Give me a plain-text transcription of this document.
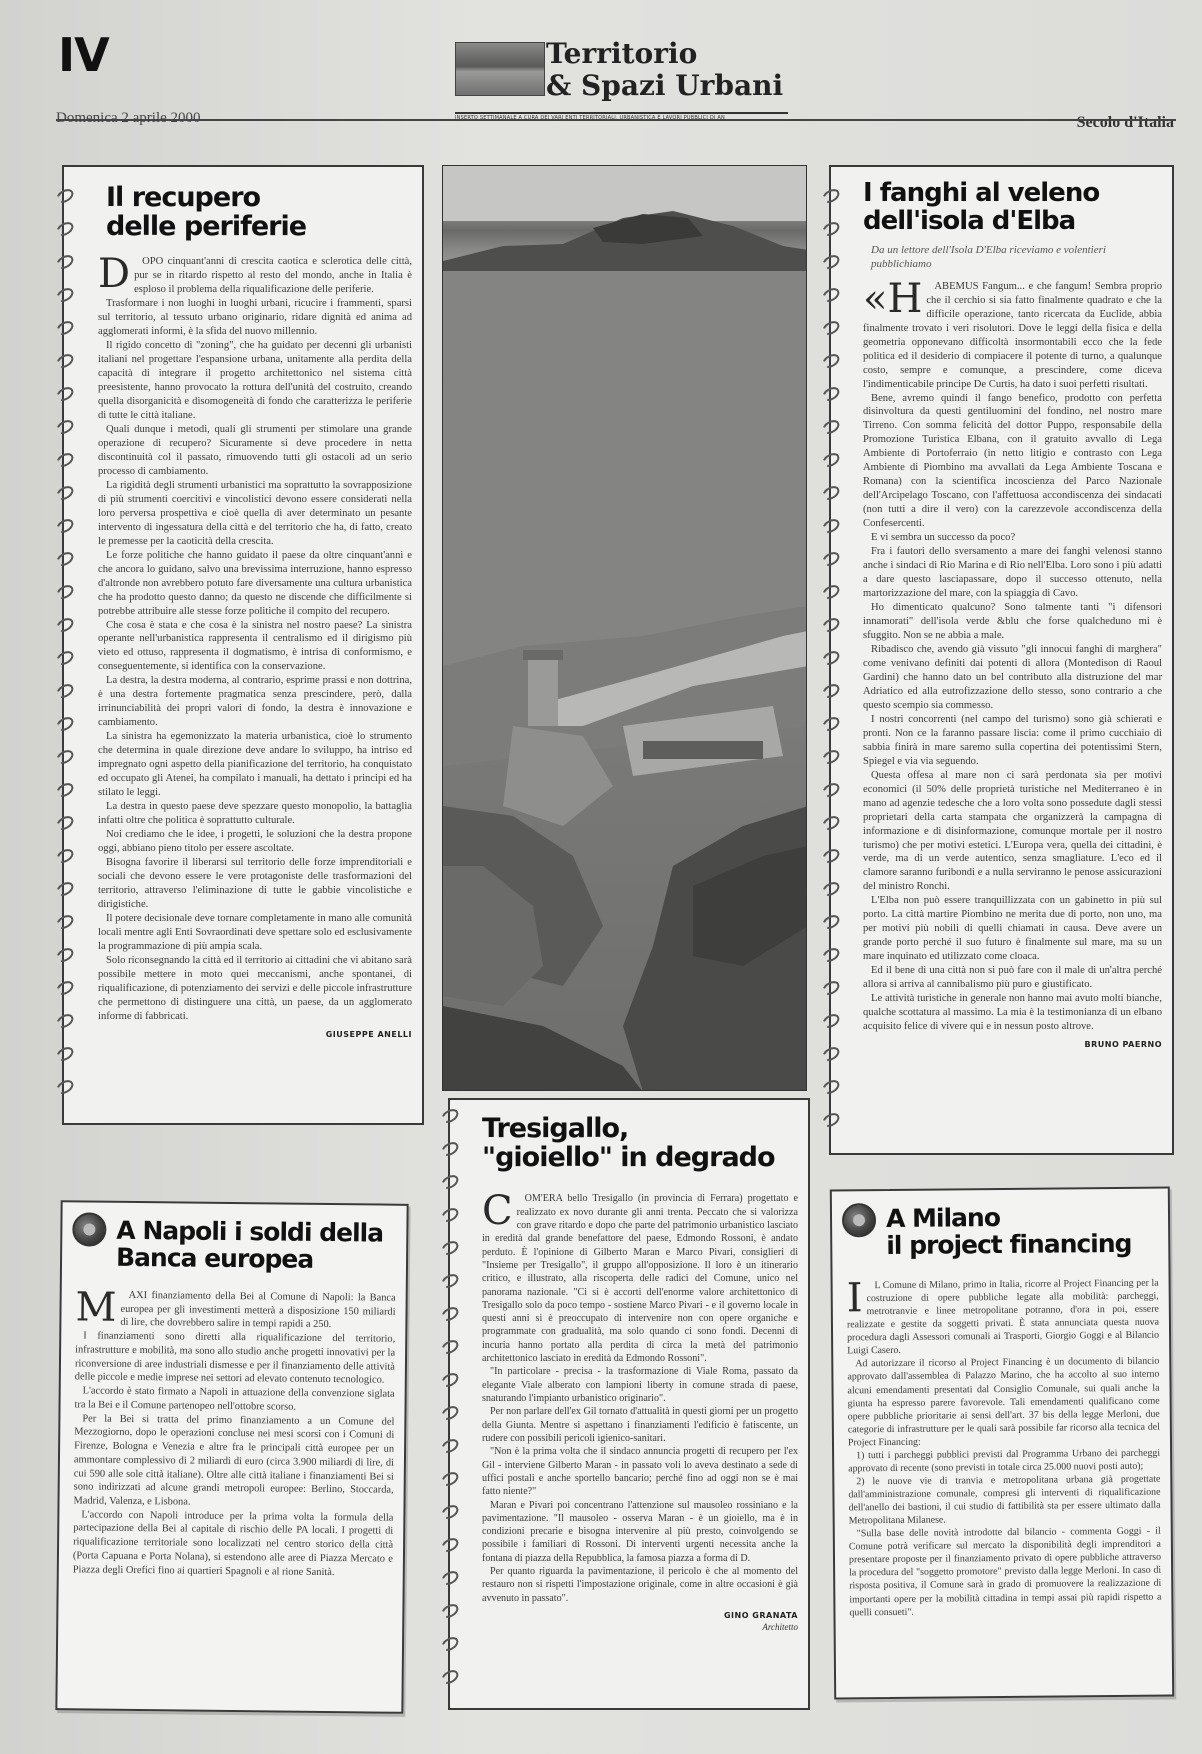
IV	Territorio
& Spazi Urbani
INSERTO SETTIMANALE A CURA DEI VARI ENTI TERRITORIALI. URBANISTICA E LAVORI PUBBLICI DI AN
Domenica 2 aprile 2000	Secolo d'Italia
Il recupero delle periferie
D	OPO cinquant'anni di crescita caotica e sclerotica delle città, pur se in ritardo rispetto al resto del mondo, anche in Italia è esploso il problema della riqualificazione delle periferie.

Trasformare i non luoghi in luoghi urbani, ricucire i frammenti, sparsi sul territorio, al tessuto urbano originario, ridare dignità ed anima ad agglomerati informi, è la sfida del nuovo millennio.

Il rigido concetto di "zoning", che ha guidato per decenni gli urbanisti italiani nel progettare l'espansione urbana, unitamente alla perdita della capacità di integrare il progetto architettonico nel sistema città preesistente, hanno provocato la rottura dell'unità del costruito, creando quella disorganicità e disomogeneità di fondo che caratterizza le periferie di tutte le città italiane.

Quali dunque i metodi, quali gli strumenti per stimolare una grande operazione di recupero? Sicuramente si deve procedere in netta discontinuità col il passato, rimuovendo tutti gli ostacoli ad un serio processo di cambiamento.

La rigidità degli strumenti urbanistici ma soprattutto la sovrapposizione di più strumenti coercitivi e vincolistici devono essere considerati nella loro perversa prospettiva e cioè quella di aver determinato un pesante intervento di ingessatura della città e del territorio che ha, di fatto, creato le premesse per la caoticità della crescita.

Le forze politiche che hanno guidato il paese da oltre cinquant'anni e che ancora lo guidano, salvo una brevissima interruzione, hanno espresso d'altronde non avrebbero potuto fare diversamente una cultura urbanistica che ha prodotto questo danno; da questo ne discende che difficilmente si potrebbe attribuire alle stesse forze politiche il compito del recupero.

Che cosa è stata e che cosa è la sinistra nel nostro paese? La sinistra operante nell'urbanistica rappresenta il centralismo ed il dirigismo più vieto ed ottuso, rappresenta il dogmatismo, è intrisa di conformismo, e conseguentemente, si identifica con la conservazione.

La destra, la destra moderna, al contrario, esprime prassi e non dottrina, è una destra fortemente pragmatica senza prescindere, però, dalla irrinunciabilità dei propri valori di fondo, la destra è innovazione e cambiamento.

La sinistra ha egemonizzato la materia urbanistica, cioè lo strumento che determina in quale direzione deve andare lo sviluppo, ha intriso ed impregnato ogni aspetto della pianificazione del territorio, ha conquistato ed occupato gli Atenei, ha compilato i manuali, ha dettato i principi ed ha stilato le leggi.

La destra in questo paese deve spezzare questo monopolio, la battaglia infatti oltre che politica è soprattutto culturale.

Noi crediamo che le idee, i progetti, le soluzioni che la destra propone oggi, abbiano pieno titolo per essere ascoltate.

Bisogna favorire il liberarsi sul territorio delle forze imprenditoriali e sociali che devono essere le vere protagoniste delle trasformazioni del territorio, attraverso l'eliminazione di tutte le gabbie vincolistiche e dirigistiche.

Il potere decisionale deve tornare completamente in mano alle comunità locali mentre agli Enti Sovraordinati deve spettare solo ed esclusivamente la programmazione di più ampia scala.

Solo riconsegnando la città ed il territorio ai cittadini che vi abitano sarà possibile mettere in moto quei meccanismi, anche spontanei, di riqualificazione, di potenziamento dei servizi e delle piccole infrastrutture che permettono di distinguere una città, un paese, da un agglomerato informe di fabbricati.

GIUSEPPE ANELLI
I fanghi al veleno dell'isola d'Elba
Da un lettore dell'Isola D'Elba riceviamo e volentieri pubblichiamo
«H	ABEMUS Fangum... e che fangum! Sembra proprio che il cerchio si sia fatto finalmente quadrato e che la difficile operazione, tanto ricercata da Euclide, abbia finalmente trovato i veri risolutori. Dove le leggi della fisica e della geometria opponevano difficoltà insormontabili ecco che la fede politica ed il desiderio di compiacere il potente di turno, a qualunque costo, sempre e comunque, a prescindere, come diceva l'indimenticabile principe De Curtis, ha dato i suoi perfetti risultati.

Bene, avremo quindi il fango benefico, prodotto con perfetta disinvoltura da questi gentiluomini del fondino, nel nostro mare Tirreno. Con somma felicità del dottor Puppo, responsabile della Promozione Turistica Elbana, con il gratuito avvallo di Lega Ambiente di Portoferraio (in netto litigio e contrasto con Lega Ambiente di Piombino ma avvallati da Lega Ambiente Toscana e Romana) con la scientifica incoscienza del Parco Nazionale dell'Arcipelago Toscano, con l'affettuosa accondiscenza dei sindacati (non tutti a dire il vero) con la carezzevole accondiscenza della Confesercenti.

E vi sembra un successo da poco?

Fra i fautori dello sversamento a mare dei fanghi velenosi stanno anche i sindaci di Rio Marina e di Rio nell'Elba. Loro sono i più adatti a dare questo lasciapassare, dopo il successo ottenuto, nella martorizzazione del mare, con la spiaggia di Cavo.

Ho dimenticato qualcuno? Sono talmente tanti "i difensori innamorati" dell'isola verde &blu che forse qualcheduno mi è sfuggito. Non se ne abbia a male.

Ribadisco che, avendo già vissuto "gli innocui fanghi di marghera" come venivano definiti dai potenti di allora (Montedison di Raoul Gardini) che hanno dato un bel contributo alla distruzione del mar Adriatico ed alla eutrofizzazione dello stesso, sono contrario a che questo scempio sia commesso.

I nostri concorrenti (nel campo del turismo) sono già schierati e pronti. Non ce la faranno passare liscia: come il primo cucchiaio di sabbia finirà in mare saremo sulla copertina dei potentissimi Stern, Spiegel e via via seguendo.

Questa offesa al mare non ci sarà perdonata sia per motivi economici (il 50% delle proprietà turistiche nel Mediterraneo è in mano ad agenzie tedesche che a loro volta sono possedute dagli stessi proprietari della carta stampata che organizzerà la campagna di informazione e di disinformazione, comunque mortale per il nostro turismo) che per motivi estetici. L'Europa vera, quella dei cittadini, è verde, ma di un verde autentico, senza smagliature. L'eco ed il clamore saranno furibondi e a nulla serviranno le penose assicurazioni del ministro Ronchi.

L'Elba non può essere tranquillizzata con un gabinetto in più sul porto. La città martire Piombino ne merita due di porto, non uno, ma per motivi più nobili di quelli chiamati in causa. Deve avere un grande porto perché il suo futuro è finalmente sul mare, ma su un mare inquinato ed utilizzato come cloaca.

Ed il bene di una città non si può fare con il male di un'altra perché allora si arriva al cannibalismo più puro e giustificato.

Le attività turistiche in generale non hanno mai avuto molti bianche, qualche scottatura al massimo. La mia è la testimonianza di un elbano acquisito felice di vivere qui e in nessun posto altrove.

BRUNO PAERNO
Tresigallo,
"gioiello" in degrado
C	OM'ERA bello Tresigallo (in provincia di Ferrara) progettato e realizzato ex novo durante gli anni trenta. Peccato che si valorizza con grave ritardo e dopo che parte del patrimonio urbanistico lasciato in eredità dal grande benefattore del paese, Edmondo Rossoni, è andato perduto. È l'opinione di Gilberto Maran e Marco Pivari, consiglieri di "Insieme per Tresigallo", il gruppo all'opposizione. Il loro è un itinerario critico, e illustrato, alla riscoperta delle radici del Comune, unico nel panorama nazionale. "Ci si è accorti dell'enorme valore architettonico di Tresigallo solo da poco tempo - sostiene Marco Pivari - e il governo locale in questi anni si è preoccupato di intervenire non con opere organiche e programmate con gradualità, ma solo quando ci sono fondi. Decenni di incuria hanno portato alla perdita di circa la metà del patrimonio architettonico lasciato in eredità da Edmondo Rossoni".

"In particolare - precisa - la trasformazione di Viale Roma, passato da elegante Viale alberato con lampioni liberty in comune strada di paese, snaturando l'impianto urbanistico originario".

Per non parlare dell'ex Gil tornato d'attualità in questi giorni per un progetto della Giunta. Mentre si aspettano i finanziamenti l'edificio è fatiscente, un rudere con possibili pericoli igienico-sanitari.

"Non è la prima volta che il sindaco annuncia progetti di recupero per l'ex Gil - interviene Gilberto Maran - in passato voli lo aveva destinato a sede di uffici postali e anche sportello bancario; perché fino ad oggi non se è mai fatto niente?"

Maran e Pivari poi concentrano l'attenzione sul mausoleo rossiniano e la pavimentazione. "Il mausoleo - osserva Maran - è un gioiello, ma è in condizioni precarie e bisogna intervenire al più presto, coinvolgendo se possibile i familiari di Rossoni. Di interventi urgenti necessita anche la fontana di piazza della Repubblica, la famosa piazza a forma di D.

Per quanto riguarda la pavimentazione, il pericolo è che al momento del restauro non si rispetti l'impostazione originale, come in altre occasioni è già avvenuto in passato".

GINO GRANATA
Architetto
A Napoli i soldi della Banca europea
M	AXI finanziamento della Bei al Comune di Napoli: la Banca europea per gli investimenti metterà a disposizione 150 miliardi di lire, che dovrebbero salire in tempi rapidi a 250.

I finanziamenti sono diretti alla riqualificazione del territorio, infrastrutture e mobilità, ma sono allo studio anche progetti innovativi per la riconversione di aree industriali dismesse e per il finanziamento delle attività delle piccole e medie imprese nei settori ad elevato contenuto tecnologico.

L'accordo è stato firmato a Napoli in attuazione della convenzione siglata tra la Bei e il Comune partenopeo nell'ottobre scorso.

Per la Bei si tratta del primo finanziamento a un Comune del Mezzogiorno, dopo le operazioni concluse nei mesi scorsi con i Comuni di Firenze, Bologna e Venezia e altre fra le principali città europee per un ammontare complessivo di 2 miliardi di euro (circa 3.900 miliardi di lire, di cui 590 alle sole città italiane). Oltre alle città italiane i finanziamenti Bei si sono indirizzati ad alcune grandi metropoli europee: Berlino, Stoccarda, Madrid, Valenza, e Lisbona.

L'accordo con Napoli introduce per la prima volta la formula della partecipazione della Bei al capitale di rischio delle PA locali. I progetti di riqualificazione territoriale sono localizzati nel centro storico della città (Porta Capuana e Porta Nolana), si estendono alle aree di Piazza Mercato e Piazza degli Orefici fino ai quartieri Spagnoli e al rione Sanità.

A Milano
il project financing
I	L Comune di Milano, primo in Italia, ricorre al Project Financing per la costruzione di opere pubbliche legate alla mobilità: parcheggi, metrotranvie e linee metropolitane potranno, d'ora in poi, essere realizzate e gestite da soggetti privati. È stata annunciata questa nuova procedura dagli Assessori comunali ai Trasporti, Giorgio Goggi e al Bilancio Luigi Casero.

Ad autorizzare il ricorso al Project Financing è un documento di bilancio approvato dall'assemblea di Palazzo Marino, che ha accolto al suo interno alcuni emendamenti presentati dal Consiglio Comunale, sui quali anche la giunta ha espresso parere favorevole. Tali emendamenti qualificano come opere pubbliche prioritarie ai sensi dell'art. 37 bis della legge Merloni, due categorie di infrastrutture per le quali sarà possibile far ricorso alla tecnica del Project Financing:

1) tutti i parcheggi pubblici previsti dal Programma Urbano dei parcheggi approvato di recente (sono previsti in totale circa 25.000 nuovi posti auto);

2) le nuove vie di tranvia e metropolitana urbana già progettate dall'amministrazione comunale, compresi gli interventi di riqualificazione dell'anello dei bastioni, il cui studio di fattibilità sta per essere ultimato dalla Metropolitana Milanese.

"Sulla base delle novità introdotte dal bilancio - commenta Goggi - il Comune potrà verificare sul mercato la disponibilità degli imprenditori a presentare proposte per il finanziamento privato di opere pubbliche attraverso la procedura del "soggetto promotore" previsto dalla legge Merloni. In caso di risposta positiva, il Comune sarà in grado di promuovere la realizzazione di importanti opere per la mobilità cittadina in tempi assai più rapidi rispetto a quelli consueti".
